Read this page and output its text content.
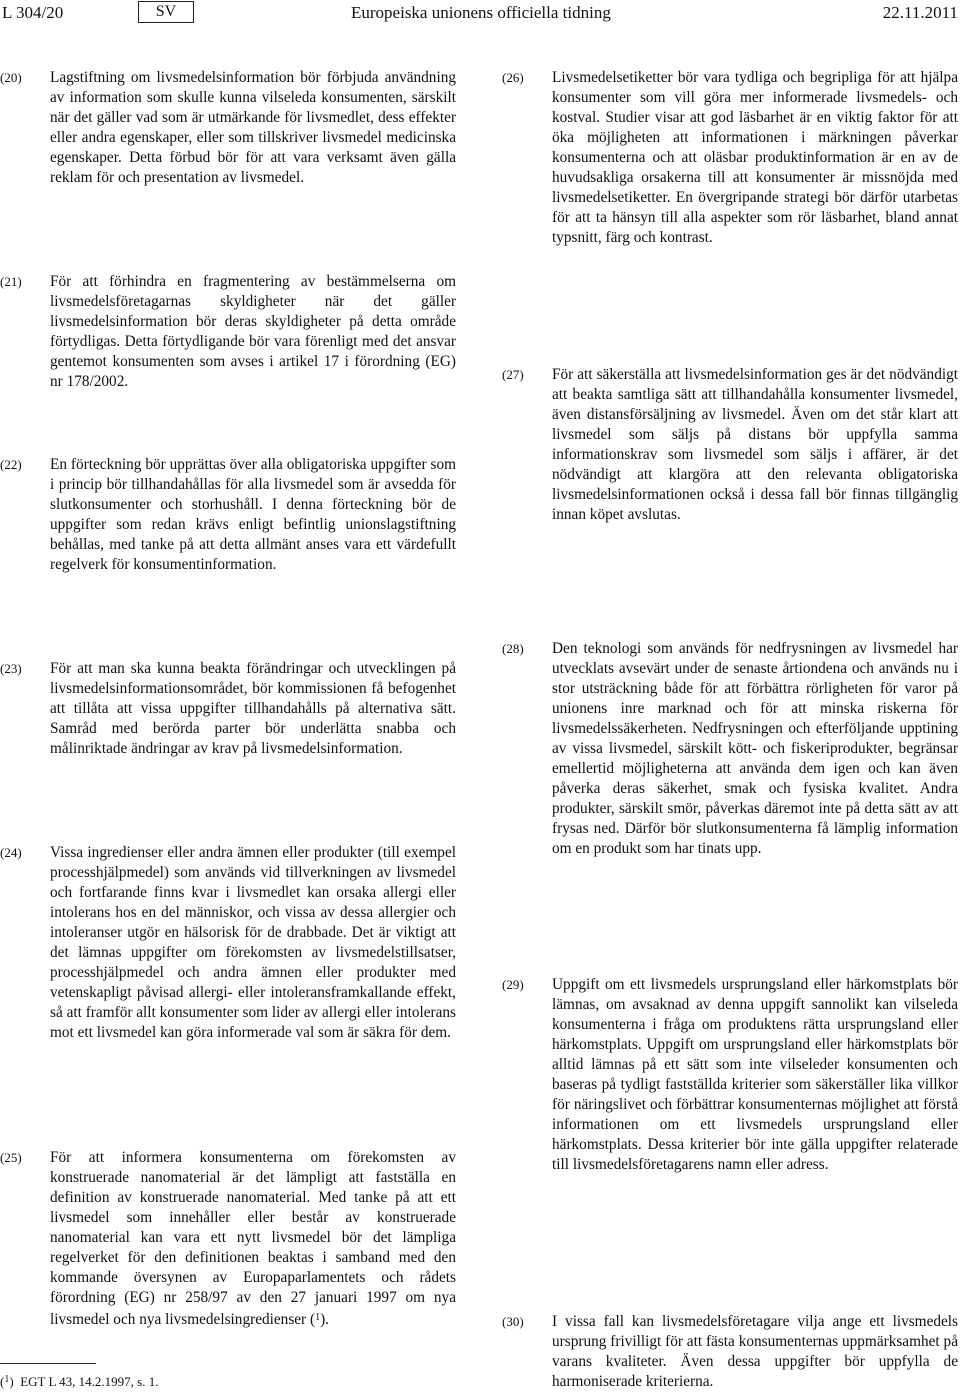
L 304/20	SV	Europeiska unionens officiella tidning	22.11.2011
(20) Lagstiftning om livsmedelsinformation bör förbjuda användning av information som skulle kunna vilseleda konsumenten, särskilt när det gäller vad som är utmärkande för livsmedlet, dess effekter eller andra egenskaper, eller som tillskriver livsmedel medicinska egenskaper. Detta förbud bör för att vara verksamt även gälla reklam för och presentation av livsmedel.
(21) För att förhindra en fragmentering av bestämmelserna om livsmedelsföretagarnas skyldigheter när det gäller livsmedelsinformation bör deras skyldigheter på detta område förtydligas. Detta förtydligande bör vara förenligt med det ansvar gentemot konsumenten som avses i artikel 17 i förordning (EG) nr 178/2002.
(22) En förteckning bör upprättas över alla obligatoriska uppgifter som i princip bör tillhandahållas för alla livsmedel som är avsedda för slutkonsumenter och storhushåll. I denna förteckning bör de uppgifter som redan krävs enligt befintlig unionslagstiftning behållas, med tanke på att detta allmänt anses vara ett värdefullt regelverk för konsumentinformation.
(26) Livsmedelsetiketter bör vara tydliga och begripliga för att hjälpa konsumenter som vill göra mer informerade livsmedels- och kostval. Studier visar att god läsbarhet är en viktig faktor för att öka möjligheten att informationen i märkningen påverkar konsumenterna och att oläsbar produktinformation är en av de huvudsakliga orsakerna till att konsumenter är missnöjda med livsmedelsetiketter. En övergripande strategi bör därför utarbetas för att ta hänsyn till alla aspekter som rör läsbarhet, bland annat typsnitt, färg och kontrast.
(27) För att säkerställa att livsmedelsinformation ges är det nödvändigt att beakta samtliga sätt att tillhandahålla konsumenter livsmedel, även distansförsäljning av livsmedel. Även om det står klart att livsmedel som säljs på distans bör uppfylla samma informationskrav som livsmedel som säljs i affärer, är det nödvändigt att klargöra att den relevanta obligatoriska livsmedelsinformationen också i dessa fall bör finnas tillgänglig innan köpet avslutas.
(23) För att man ska kunna beakta förändringar och utvecklingen på livsmedelsinformationsområdet, bör kommissionen få befogenhet att tillåta att vissa uppgifter tillhandahålls på alternativa sätt. Samråd med berörda parter bör underlätta snabba och målinriktade ändringar av krav på livsmedelsinformation.
(24) Vissa ingredienser eller andra ämnen eller produkter (till exempel processhjälpmedel) som används vid tillverkningen av livsmedel och fortfarande finns kvar i livsmedlet kan orsaka allergi eller intolerans hos en del människor, och vissa av dessa allergier och intoleranser utgör en hälsorisk för de drabbade. Det är viktigt att det lämnas uppgifter om förekomsten av livsmedelstillsatser, processhjälpmedel och andra ämnen eller produkter med vetenskapligt påvisad allergi- eller intoleransframkallande effekt, så att framför allt konsumenter som lider av allergi eller intolerans mot ett livsmedel kan göra informerade val som är säkra för dem.
(25) För att informera konsumenterna om förekomsten av konstruerade nanomaterial är det lämpligt att fastställa en definition av konstruerade nanomaterial. Med tanke på att ett livsmedel som innehåller eller består av konstruerade nanomaterial kan vara ett nytt livsmedel bör det lämpliga regelverket för den definitionen beaktas i samband med den kommande översynen av Europaparlamentets och rådets förordning (EG) nr 258/97 av den 27 januari 1997 om nya livsmedel och nya livsmedelsingredienser ($^1$).
(28) Den teknologi som används för nedfrysningen av livsmedel har utvecklats avsevärt under de senaste årtiondena och används nu i stor utsträckning både för att förbättra rörligheten för varor på unionens inre marknad och för att minska riskerna för livsmedelssäkerheten. Nedfrysningen och efterföljande upptining av vissa livsmedel, särskilt kött- och fiskeriprodukter, begränsar emellertid möjligheterna att använda dem igen och kan även påverka deras säkerhet, smak och fysiska kvalitet. Andra produkter, särskilt smör, påverkas däremot inte på detta sätt av att frysas ned. Därför bör slutkonsumenterna få lämplig information om en produkt som har tinats upp.
(29) Uppgift om ett livsmedels ursprungsland eller härkomstplats bör lämnas, om avsaknad av denna uppgift sannolikt kan vilseleda konsumenterna i fråga om produktens rätta ursprungsland eller härkomstplats. Uppgift om ursprungsland eller härkomstplats bör alltid lämnas på ett sätt som inte vilseleder konsumenten och baseras på tydligt fastställda kriterier som säkerställer lika villkor för näringslivet och förbättrar konsumenternas möjlighet att förstå informationen om ett livsmedels ursprungsland eller härkomstplats. Dessa kriterier bör inte gälla uppgifter relaterade till livsmedelsföretagarens namn eller adress.
(30) I vissa fall kan livsmedelsföretagare vilja ange ett livsmedels ursprung frivilligt för att fästa konsumenternas uppmärksamhet på varans kvaliteter. Även dessa uppgifter bör uppfylla de harmoniserade kriterierna.
($^1$)  EGT L 43, 14.2.1997, s. 1.
